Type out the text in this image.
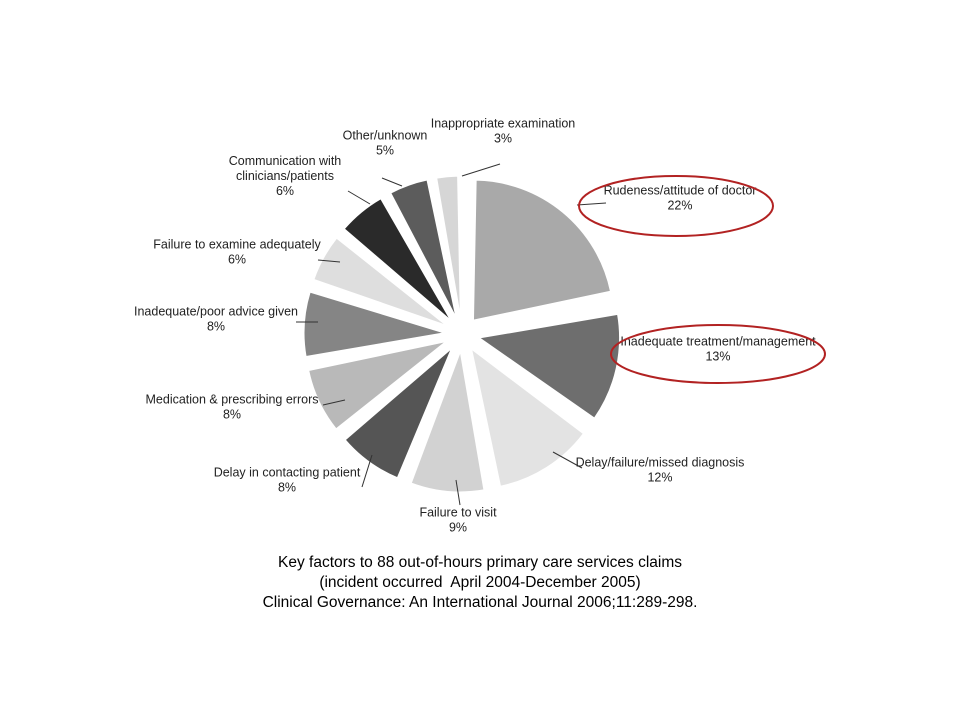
Rudeness/attitude of doctor 22%
Inadequate treatment/management 13%
Delay/failure/missed diagnosis 12%
Failure to visit 9%
Delay in contacting patient 8%
Medication & prescribing errors 8%
Inadequate/poor advice given 8%
Failure to examine adequately 6%
Communication with clinicians/patients 6%
Other/unknown 5%
Inappropriate examination 3%
Key factors to 88 out-of-hours primary care services claims
(incident occurred  April 2004-December 2005)
Clinical Governance: An International Journal 2006;11:289-298.
